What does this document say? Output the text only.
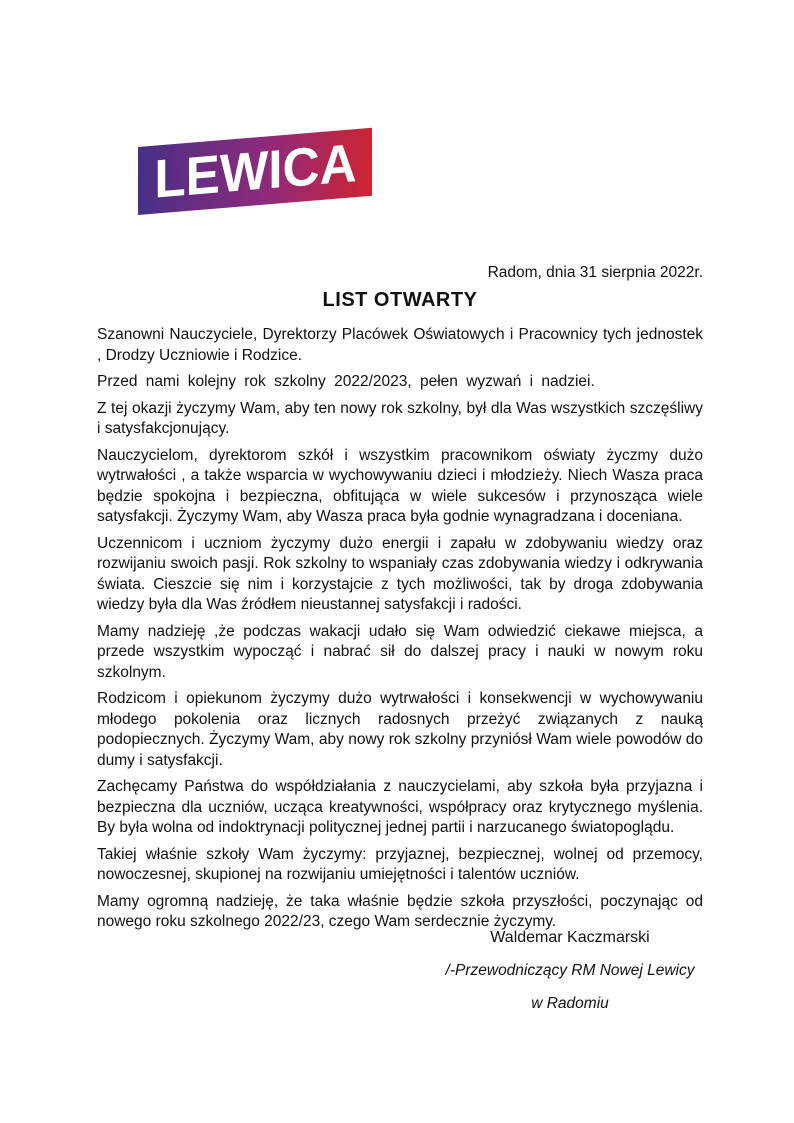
LEWICA
Radom, dnia 31 sierpnia 2022r.
LIST OTWARTY

Szanowni Nauczyciele, Dyrektorzy Placówek Oświatowych i Pracownicy tych jednostek , Drodzy Uczniowie i Rodzice.

Przed nami kolejny rok szkolny 2022/2023, pełen wyzwań i nadziei.

Z tej okazji życzymy Wam, aby ten nowy rok szkolny, był dla Was wszystkich szczęśliwy i satysfakcjonujący.

Nauczycielom, dyrektorom szkół i wszystkim pracownikom oświaty życzmy dużo wytrwałości , a także wsparcia w wychowywaniu dzieci i młodzieży. Niech Wasza praca będzie spokojna i bezpieczna, obfitująca w wiele sukcesów i przynosząca wiele satysfakcji. Życzymy Wam, aby Wasza praca była godnie wynagradzana i doceniana.

Uczennicom i uczniom życzymy dużo energii i zapału w zdobywaniu wiedzy oraz rozwijaniu swoich pasji. Rok szkolny to wspaniały czas zdobywania wiedzy i odkrywania świata. Cieszcie się nim i korzystajcie z tych możliwości, tak by droga zdobywania wiedzy była dla Was źródłem nieustannej satysfakcji i radości.

Mamy nadzieję ,że podczas wakacji udało się Wam odwiedzić ciekawe miejsca, a przede wszystkim wypocząć i nabrać sił do dalszej pracy i nauki w nowym roku szkolnym.

Rodzicom i opiekunom życzymy dużo wytrwałości i konsekwencji w wychowywaniu młodego pokolenia oraz licznych radosnych przeżyć związanych z nauką podopiecznych. Życzymy Wam, aby nowy rok szkolny przyniósł Wam wiele powodów do dumy i satysfakcji.

Zachęcamy Państwa do współdziałania z nauczycielami, aby szkoła była przyjazna i bezpieczna dla uczniów, ucząca kreatywności, współpracy oraz krytycznego myślenia. By była wolna od indoktrynacji politycznej jednej partii i narzucanego światopoglądu.

Takiej właśnie szkoły Wam życzymy: przyjaznej, bezpiecznej, wolnej od przemocy, nowoczesnej, skupionej na rozwijaniu umiejętności i talentów uczniów.

Mamy ogromną nadzieję, że taka właśnie będzie szkoła przyszłości, poczynając od nowego roku szkolnego 2022/23, czego Wam serdecznie życzymy.

Waldemar Kaczmarski

/-Przewodniczący RM Nowej Lewicy

w Radomiu
